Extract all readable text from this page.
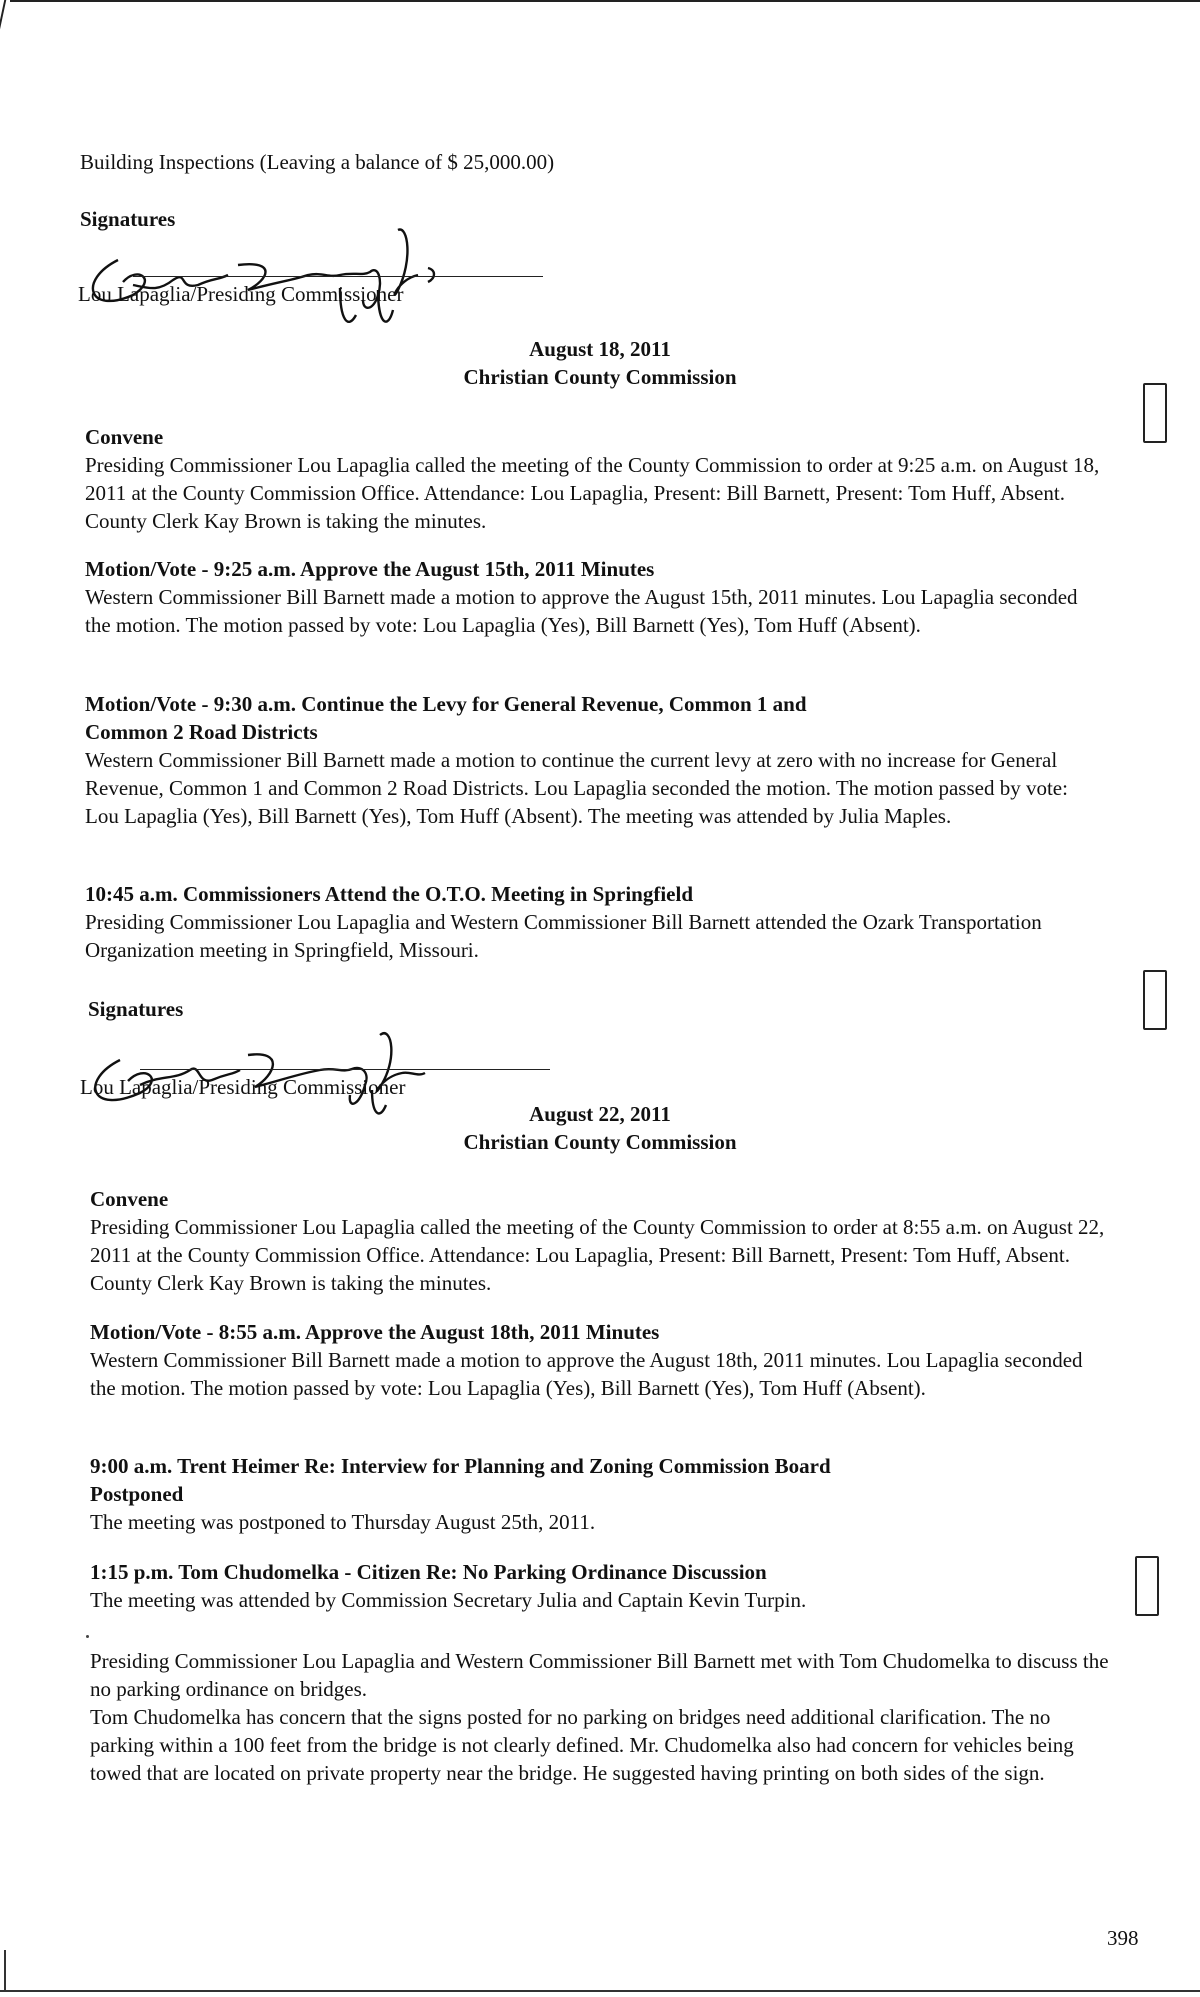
Building Inspections (Leaving a balance of $ 25,000.00)

Signatures

Lou Lapaglia/Presiding Commissioner

August 18, 2011

Christian County Commission

Convene

Presiding Commissioner Lou Lapaglia called the meeting of the County Commission to order at 9:25 a.m. on August 18, 2011 at the County Commission Office. Attendance: Lou Lapaglia, Present: Bill Barnett, Present: Tom Huff, Absent. County Clerk Kay Brown is taking the minutes.

Motion/Vote - 9:25 a.m. Approve the August 15th, 2011 Minutes

Western Commissioner Bill Barnett made a motion to approve the August 15th, 2011 minutes. Lou Lapaglia seconded the motion. The motion passed by vote: Lou Lapaglia (Yes), Bill Barnett (Yes), Tom Huff (Absent).

Motion/Vote - 9:30 a.m. Continue the Levy for General Revenue, Common 1 and

Common 2 Road Districts

Western Commissioner Bill Barnett made a motion to continue the current levy at zero with no increase for General Revenue, Common 1 and Common 2 Road Districts. Lou Lapaglia seconded the motion. The motion passed by vote: Lou Lapaglia (Yes), Bill Barnett (Yes), Tom Huff (Absent). The meeting was attended by Julia Maples.

10:45 a.m. Commissioners Attend the O.T.O. Meeting in Springfield

Presiding Commissioner Lou Lapaglia and Western Commissioner Bill Barnett attended the Ozark Transportation Organization meeting in Springfield, Missouri.

Signatures

Lou Lapaglia/Presiding Commissioner

August 22, 2011

Christian County Commission

Convene

Presiding Commissioner Lou Lapaglia called the meeting of the County Commission to order at 8:55 a.m. on August 22, 2011 at the County Commission Office. Attendance: Lou Lapaglia, Present: Bill Barnett, Present: Tom Huff, Absent. County Clerk Kay Brown is taking the minutes.

Motion/Vote - 8:55 a.m. Approve the August 18th, 2011 Minutes

Western Commissioner Bill Barnett made a motion to approve the August 18th, 2011 minutes. Lou Lapaglia seconded the motion. The motion passed by vote: Lou Lapaglia (Yes), Bill Barnett (Yes), Tom Huff (Absent).

9:00 a.m. Trent Heimer Re: Interview for Planning and Zoning Commission Board

Postponed

The meeting was postponed to Thursday August 25th, 2011.

1:15 p.m. Tom Chudomelka - Citizen Re: No Parking Ordinance Discussion

The meeting was attended by Commission Secretary Julia and Captain Kevin Turpin.

Presiding Commissioner Lou Lapaglia and Western Commissioner Bill Barnett met with Tom Chudomelka to discuss the no parking ordinance on bridges.

Tom Chudomelka has concern that the signs posted for no parking on bridges need additional clarification. The no parking within a 100 feet from the bridge is not clearly defined. Mr. Chudomelka also had concern for vehicles being towed that are located on private property near the bridge. He suggested having printing on both sides of the sign.

398
